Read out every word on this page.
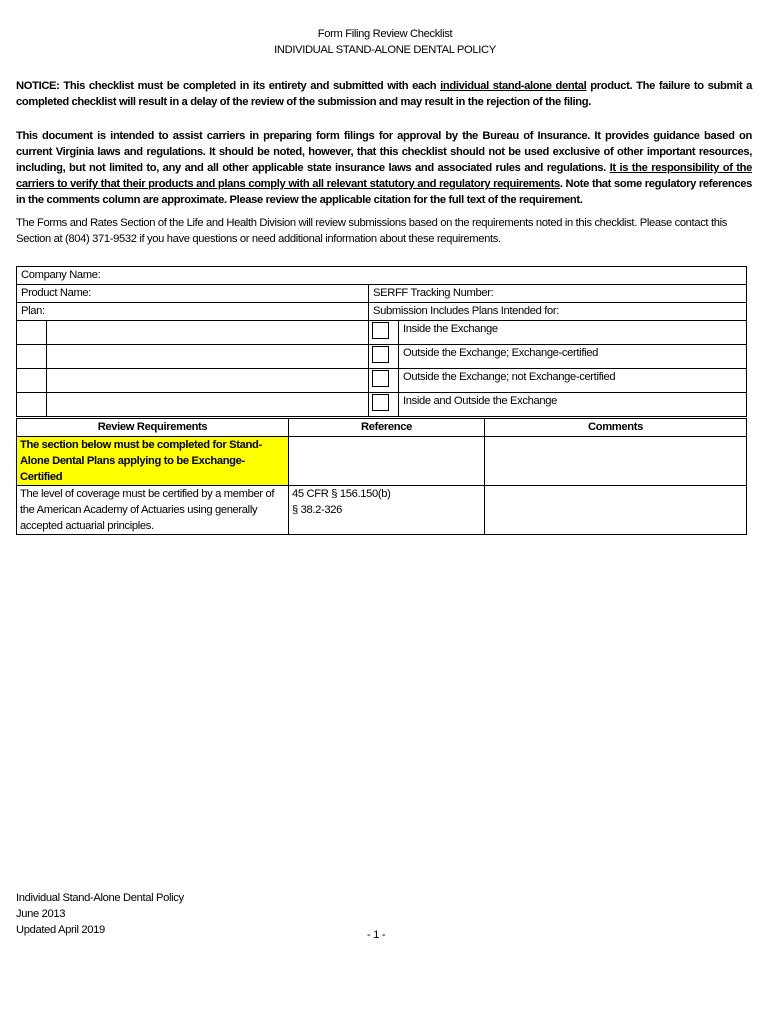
Form Filing Review Checklist
INDIVIDUAL STAND-ALONE DENTAL POLICY
NOTICE: This checklist must be completed in its entirety and submitted with each individual stand-alone dental product. The failure to submit a completed checklist will result in a delay of the review of the submission and may result in the rejection of the filing.
This document is intended to assist carriers in preparing form filings for approval by the Bureau of Insurance. It provides guidance based on current Virginia laws and regulations. It should be noted, however, that this checklist should not be used exclusive of other important resources, including, but not limited to, any and all other applicable state insurance laws and associated rules and regulations. It is the responsibility of the carriers to verify that their products and plans comply with all relevant statutory and regulatory requirements. Note that some regulatory references in the comments column are approximate. Please review the applicable citation for the full text of the requirement.
The Forms and Rates Section of the Life and Health Division will review submissions based on the requirements noted in this checklist. Please contact this Section at (804) 371-9532 if you have questions or need additional information about these requirements.
Company Name:			
Product Name:		SERFF Tracking Number:	
Plan:		Submission Includes Plans Intended for:	
			Inside the Exchange
			Outside the Exchange; Exchange-certified
			Outside the Exchange; not Exchange-certified
			Inside and Outside the Exchange
Review Requirements	Reference	Comments
The section below must be completed for Stand-Alone Dental Plans applying to be Exchange-Certified		
The level of coverage must be certified by a member of the American Academy of Actuaries using generally accepted actuarial principles.	45 CFR § 156.150(b)
§ 38.2-326	

Individual Stand-Alone Dental Policy
June 2013
Updated April 2019	- 1 -
